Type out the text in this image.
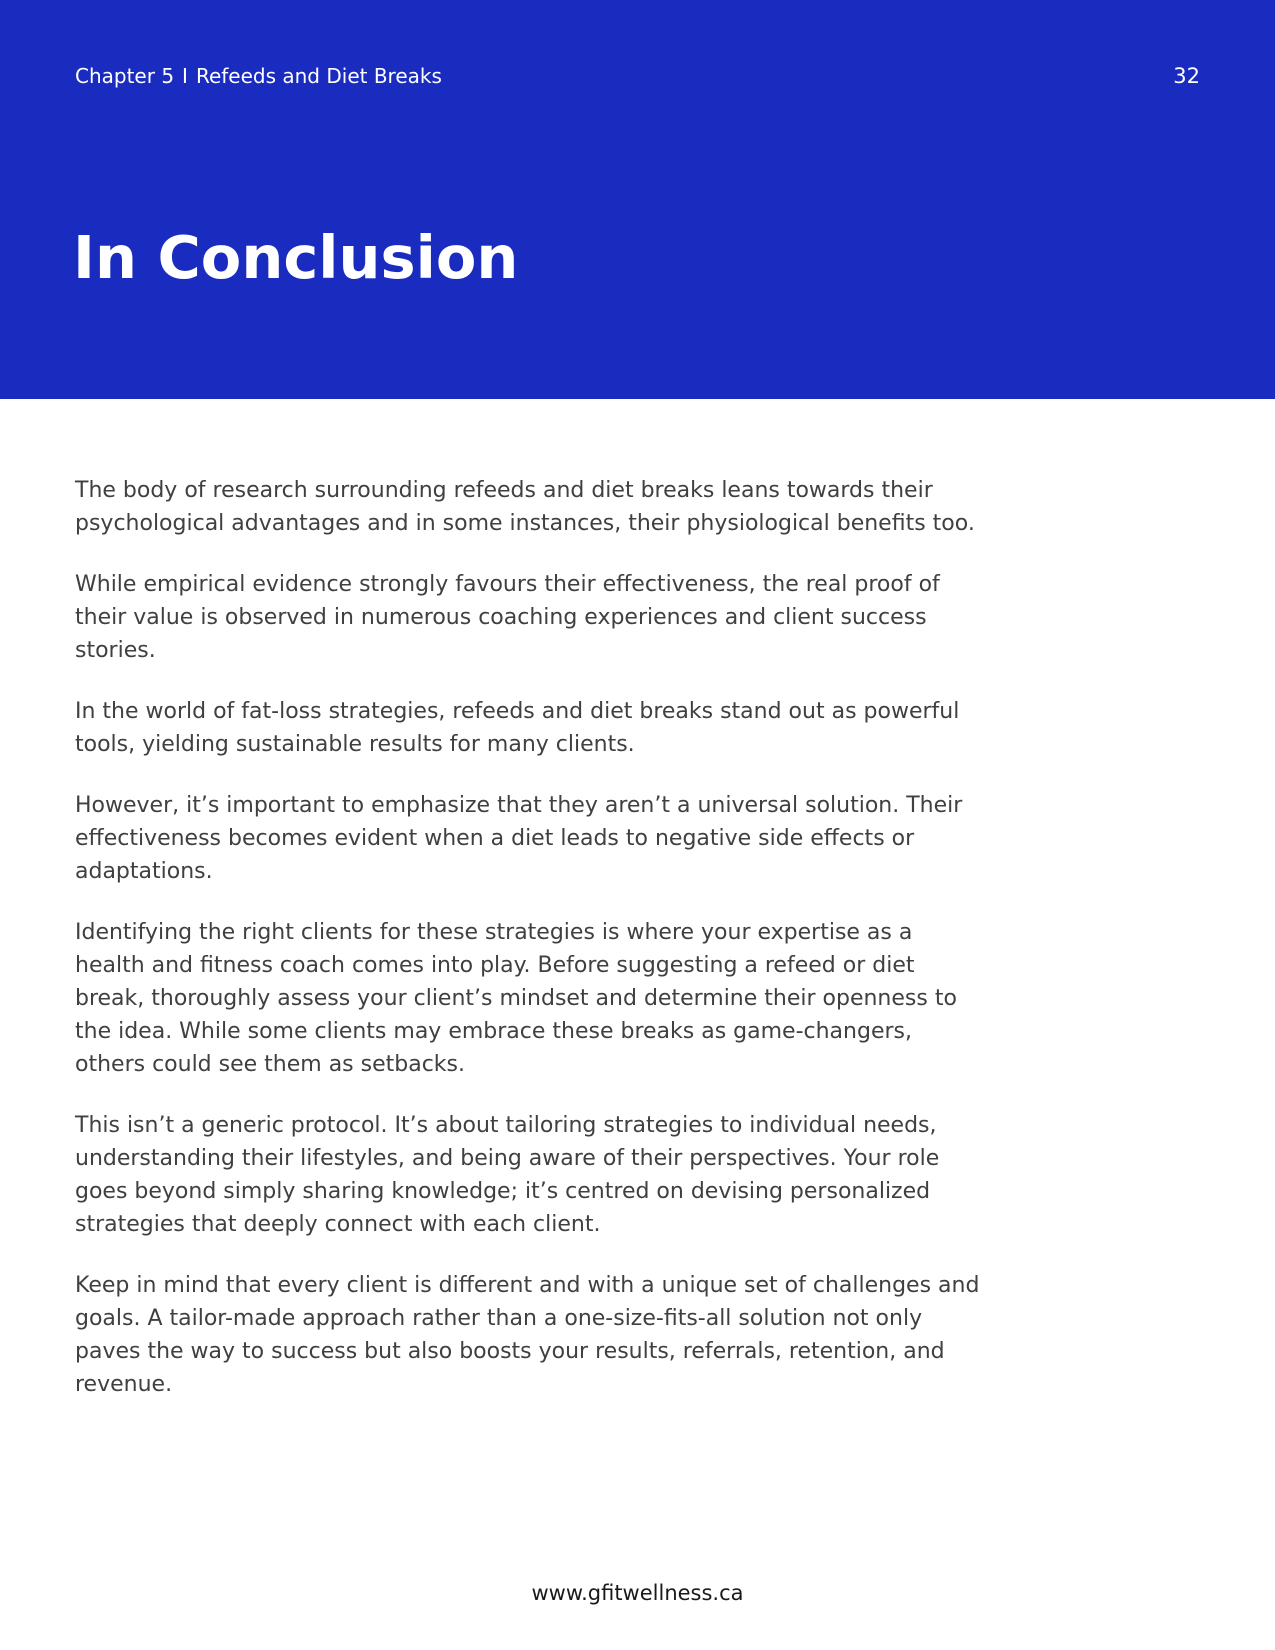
Chapter 5 I Refeeds and Diet Breaks	32
In Conclusion

The body of research surrounding refeeds and diet breaks leans towards their psychological advantages and in some instances, their physiological benefits too.

While empirical evidence strongly favours their effectiveness, the real proof of their value is observed in numerous coaching experiences and client success stories.

In the world of fat-loss strategies, refeeds and diet breaks stand out as powerful tools, yielding sustainable results for many clients.

However, it’s important to emphasize that they aren’t a universal solution. Their effectiveness becomes evident when a diet leads to negative side effects or adaptations.

Identifying the right clients for these strategies is where your expertise as a health and fitness coach comes into play. Before suggesting a refeed or diet break, thoroughly assess your client’s mindset and determine their openness to the idea. While some clients may embrace these breaks as game-changers, others could see them as setbacks.

This isn’t a generic protocol. It’s about tailoring strategies to individual needs, understanding their lifestyles, and being aware of their perspectives. Your role goes beyond simply sharing knowledge; it’s centred on devising personalized strategies that deeply connect with each client.

Keep in mind that every client is different and with a unique set of challenges and goals. A tailor-made approach rather than a one-size-fits-all solution not only paves the way to success but also boosts your results, referrals, retention, and revenue.

www.gfitwellness.ca
